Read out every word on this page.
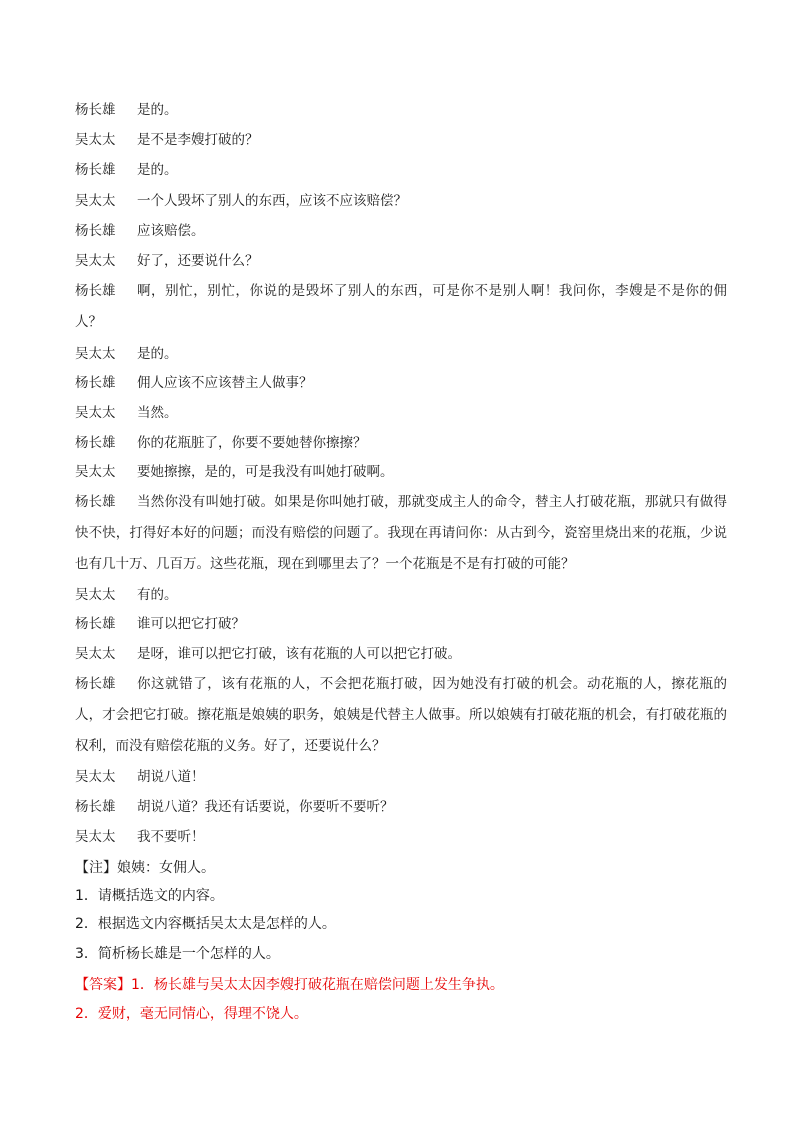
杨长雄	是的。
吴太太	是不是李嫂打破的？
杨长雄	是的。
吴太太	一个人毁坏了别人的东西，应该不应该赔偿？
杨长雄	应该赔偿。
吴太太	好了，还要说什么？
杨长雄	啊，别忙，别忙，你说的是毁坏了别人的东西，可是你不是别人啊！我问你，李嫂是不是你的佣人？
吴太太	是的。
杨长雄	佣人应该不应该替主人做事？
吴太太	当然。
杨长雄	你的花瓶脏了，你要不要她替你擦擦？
吴太太	要她擦擦，是的，可是我没有叫她打破啊。
杨长雄	当然你没有叫她打破。如果是你叫她打破，那就变成主人的命令，替主人打破花瓶，那就只有做得快不快，打得好本好的问题；而没有赔偿的问题了。我现在再请问你：从古到今，瓷窑里烧出来的花瓶，少说也有几十万、几百万。这些花瓶，现在到哪里去了？一个花瓶是不是有打破的可能？
吴太太	有的。
杨长雄	谁可以把它打破？
吴太太	是呀，谁可以把它打破，该有花瓶的人可以把它打破。
杨长雄	你这就错了，该有花瓶的人，不会把花瓶打破，因为她没有打破的机会。动花瓶的人，擦花瓶的人，才会把它打破。擦花瓶是娘姨的职务，娘姨是代替主人做事。所以娘姨有打破花瓶的机会，有打破花瓶的权利，而没有赔偿花瓶的义务。好了，还要说什么？
吴太太	胡说八道！
杨长雄	胡说八道？我还有话要说，你要听不要听？
吴太太	我不要听！
【注】娘姨：女佣人。
1．请概括选文的内容。
2．根据选文内容概括吴太太是怎样的人。
3．简析杨长雄是一个怎样的人。
【答案】1．杨长雄与吴太太因李嫂打破花瓶在赔偿问题上发生争执。
2．爱财，毫无同情心，得理不饶人。
